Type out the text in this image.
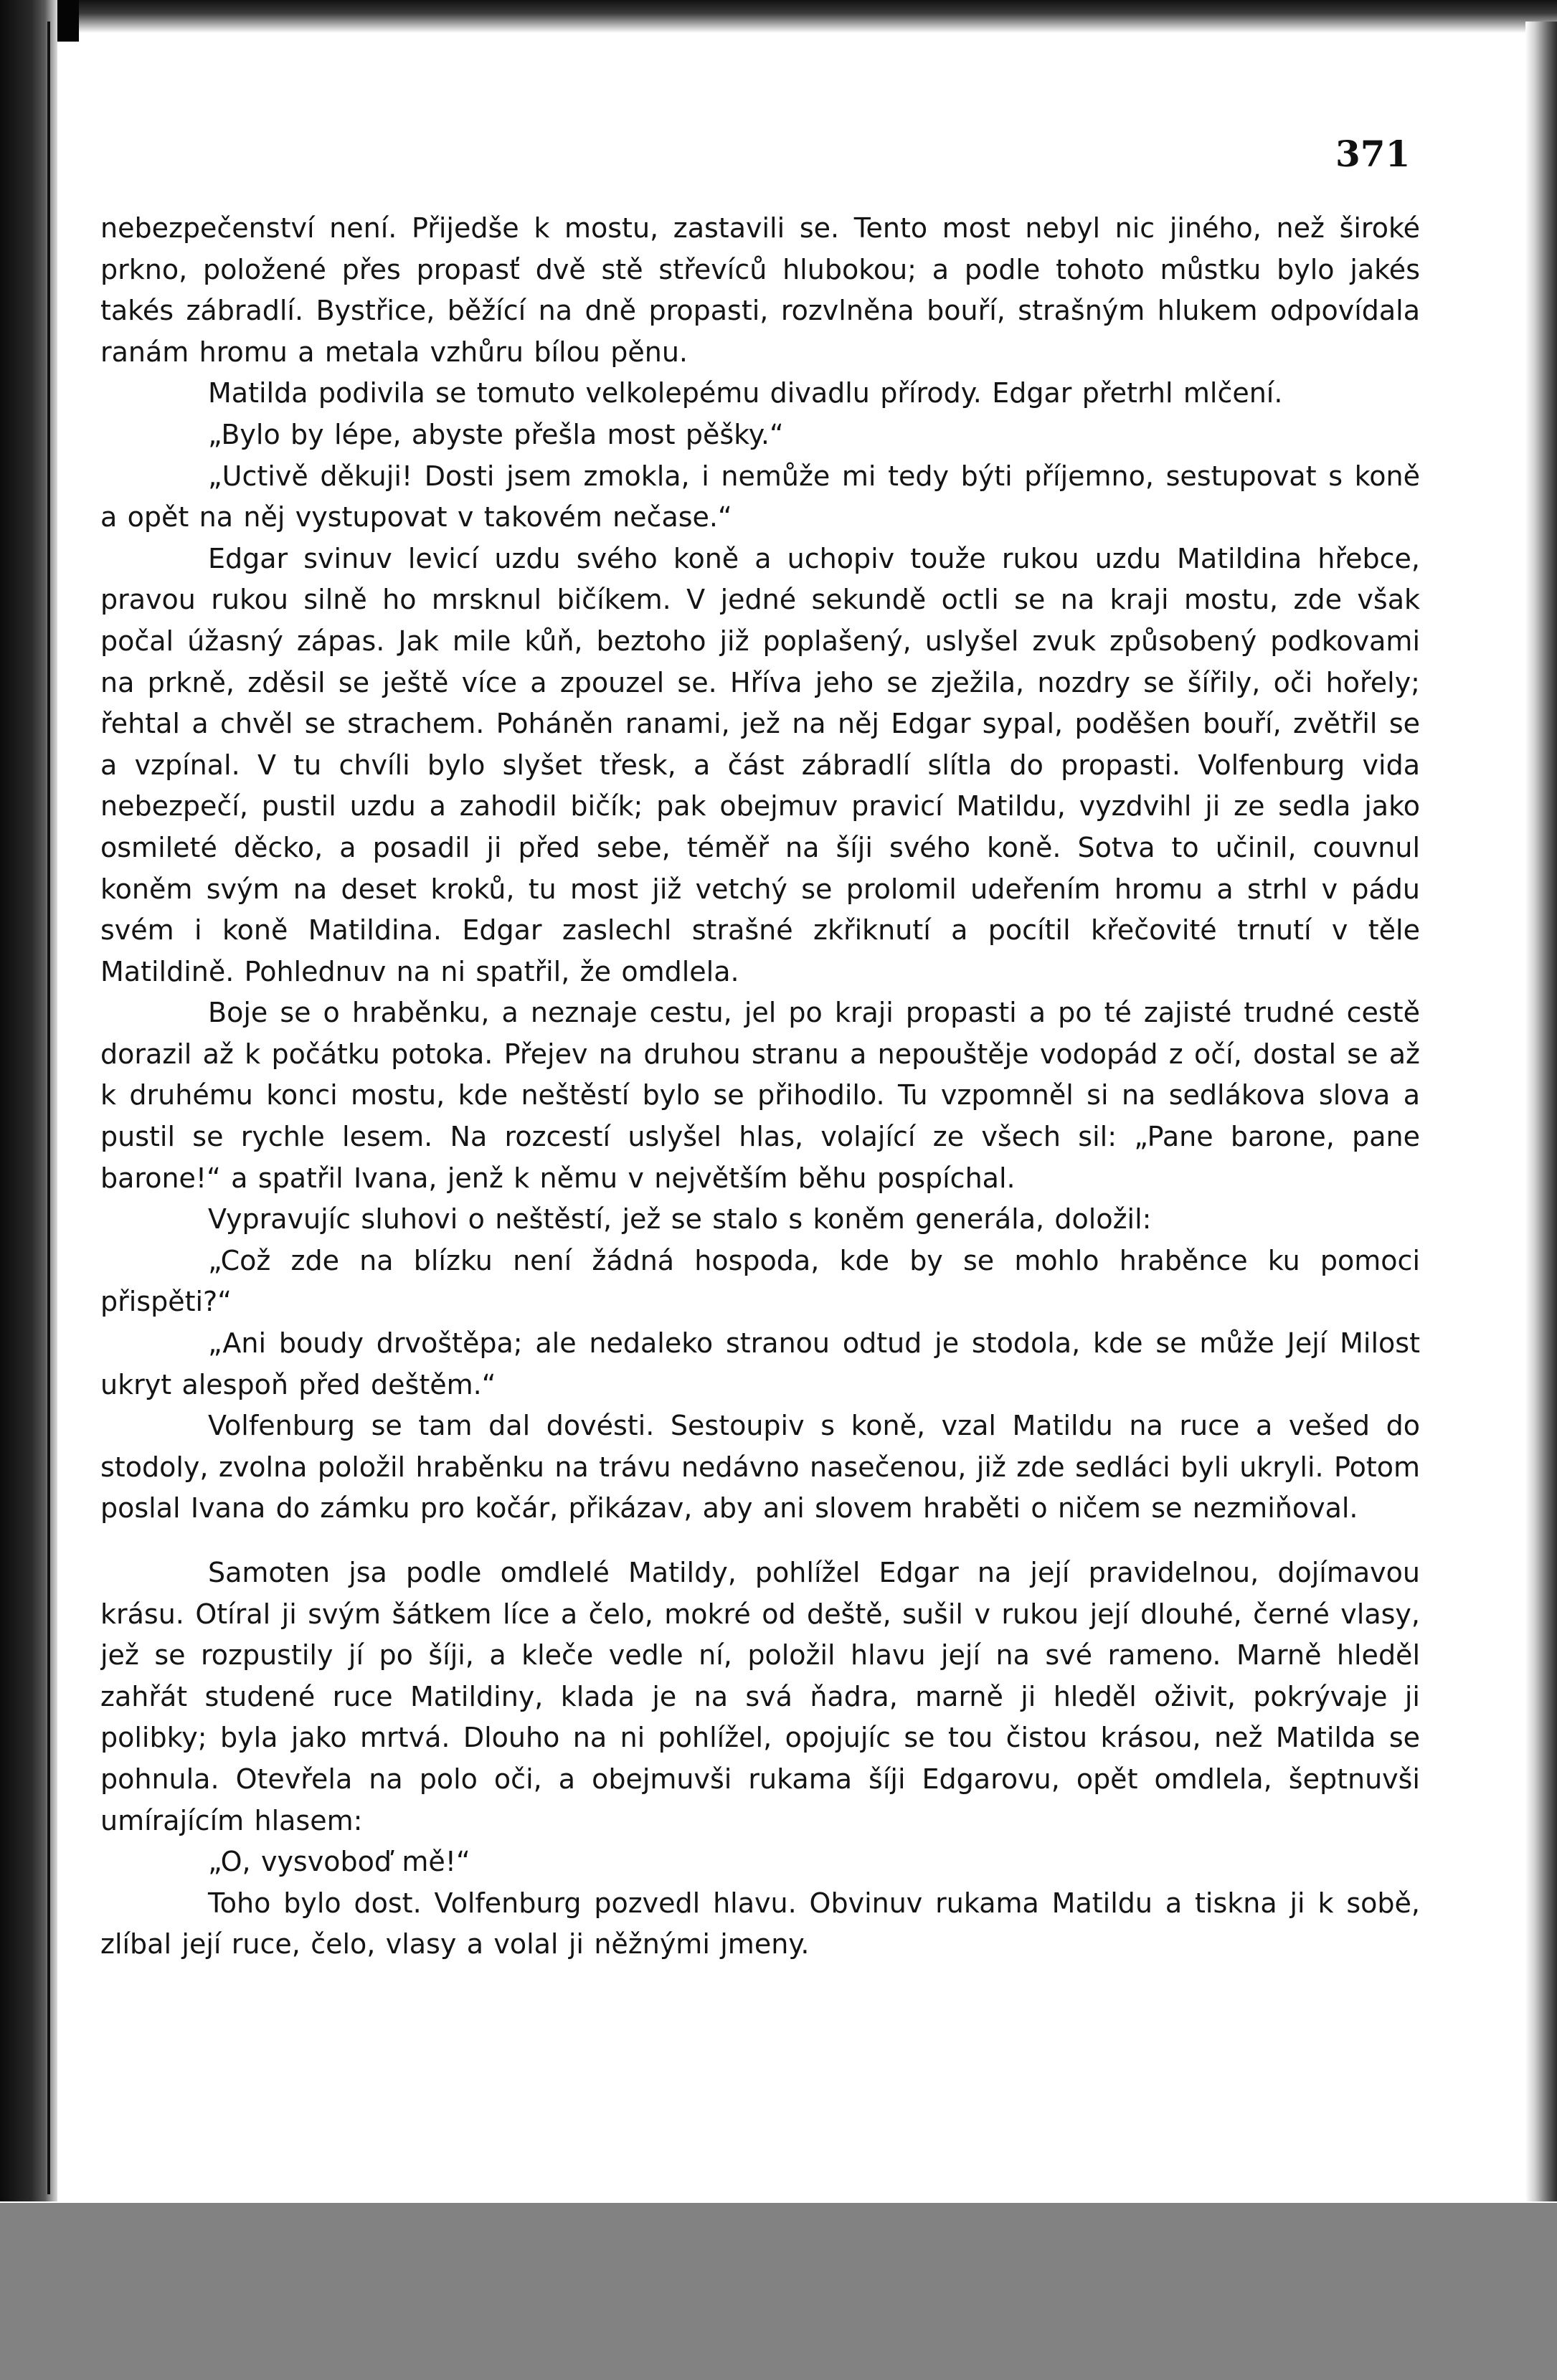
371

nebezpečenství není. Přijedše k mostu, zastavili se. Tento most nebyl nic jiného, než široké prkno, položené přes propasť dvě stě střevíců hlubokou; a podle tohoto můstku bylo jakés takés zábradlí. Bystřice, běžící na dně propasti, rozvlněna bouří, strašným hlukem odpovídala ranám hromu a metala vzhůru bílou pěnu.

Matilda podivila se tomuto velkolepému divadlu přírody. Edgar přetrhl mlčení.

„Bylo by lépe, abyste přešla most pěšky.“

„Uctivě děkuji! Dosti jsem zmokla, i nemůže mi tedy býti příjemno, sestupovat s koně a opět na něj vystupovat v takovém nečase.“

Edgar svinuv levicí uzdu svého koně a uchopiv touže rukou uzdu Matildina hřebce, pravou rukou silně ho mrsknul bičíkem. V jedné sekundě octli se na kraji mostu, zde však počal úžasný zápas. Jak mile kůň, beztoho již poplašený, uslyšel zvuk způsobený podkovami na prkně, zděsil se ještě více a zpouzel se. Hříva jeho se zježila, nozdry se šířily, oči hořely; řehtal a chvěl se strachem. Poháněn ranami, jež na něj Edgar sypal, poděšen bouří, zvětřil se a vzpínal. V tu chvíli bylo slyšet třesk, a část zábradlí slítla do propasti. Volfenburg vida nebezpečí, pustil uzdu a zahodil bičík; pak obejmuv pravicí Matildu, vyzdvihl ji ze sedla jako osmileté děcko, a posadil ji před sebe, téměř na šíji svého koně. Sotva to učinil, couvnul koněm svým na deset kroků, tu most již vetchý se prolomil udeřením hromu a strhl v pádu svém i koně Matildina. Edgar zaslechl strašné zkřiknutí a pocítil křečovité trnutí v těle Matildině. Pohlednuv na ni spatřil, že omdlela.

Boje se o hraběnku, a neznaje cestu, jel po kraji propasti a po té zajisté trudné cestě dorazil až k počátku potoka. Přejev na druhou stranu a nepouštěje vodopád z očí, dostal se až k druhému konci mostu, kde neštěstí bylo se přihodilo. Tu vzpomněl si na sedlákova slova a pustil se rychle lesem. Na rozcestí uslyšel hlas, volající ze všech sil: „Pane barone, pane barone!“ a spatřil Ivana, jenž k němu v největším běhu pospíchal.

Vypravujíc sluhovi o neštěstí, jež se stalo s koněm generála, doložil:

„Což zde na blízku není žádná hospoda, kde by se mohlo hraběnce ku pomoci přispěti?“

„Ani boudy drvoštěpa; ale nedaleko stranou odtud je stodola, kde se může Její Milost ukryt alespoň před deštěm.“

Volfenburg se tam dal dovésti. Sestoupiv s koně, vzal Matildu na ruce a vešed do stodoly, zvolna položil hraběnku na trávu nedávno nasečenou, již zde sedláci byli ukryli. Potom poslal Ivana do zámku pro kočár, přikázav, aby ani slovem hraběti o ničem se nezmiňoval.

Samoten jsa podle omdlelé Matildy, pohlížel Edgar na její pravidelnou, dojímavou krásu. Otíral ji svým šátkem líce a čelo, mokré od deště, sušil v rukou její dlouhé, černé vlasy, jež se rozpustily jí po šíji, a kleče vedle ní, položil hlavu její na své rameno. Marně hleděl zahřát studené ruce Matildiny, klada je na svá ňadra, marně ji hleděl oživit, pokrývaje ji polibky; byla jako mrtvá. Dlouho na ni pohlížel, opojujíc se tou čistou krásou, než Matilda se pohnula. Otevřela na polo oči, a obejmuvši rukama šíji Edgarovu, opět omdlela, šeptnuvši umírajícím hlasem:

„O, vysvoboď mě!“

Toho bylo dost. Volfenburg pozvedl hlavu. Obvinuv rukama Matildu a tiskna ji k sobě, zlíbal její ruce, čelo, vlasy a volal ji něžnými jmeny.
